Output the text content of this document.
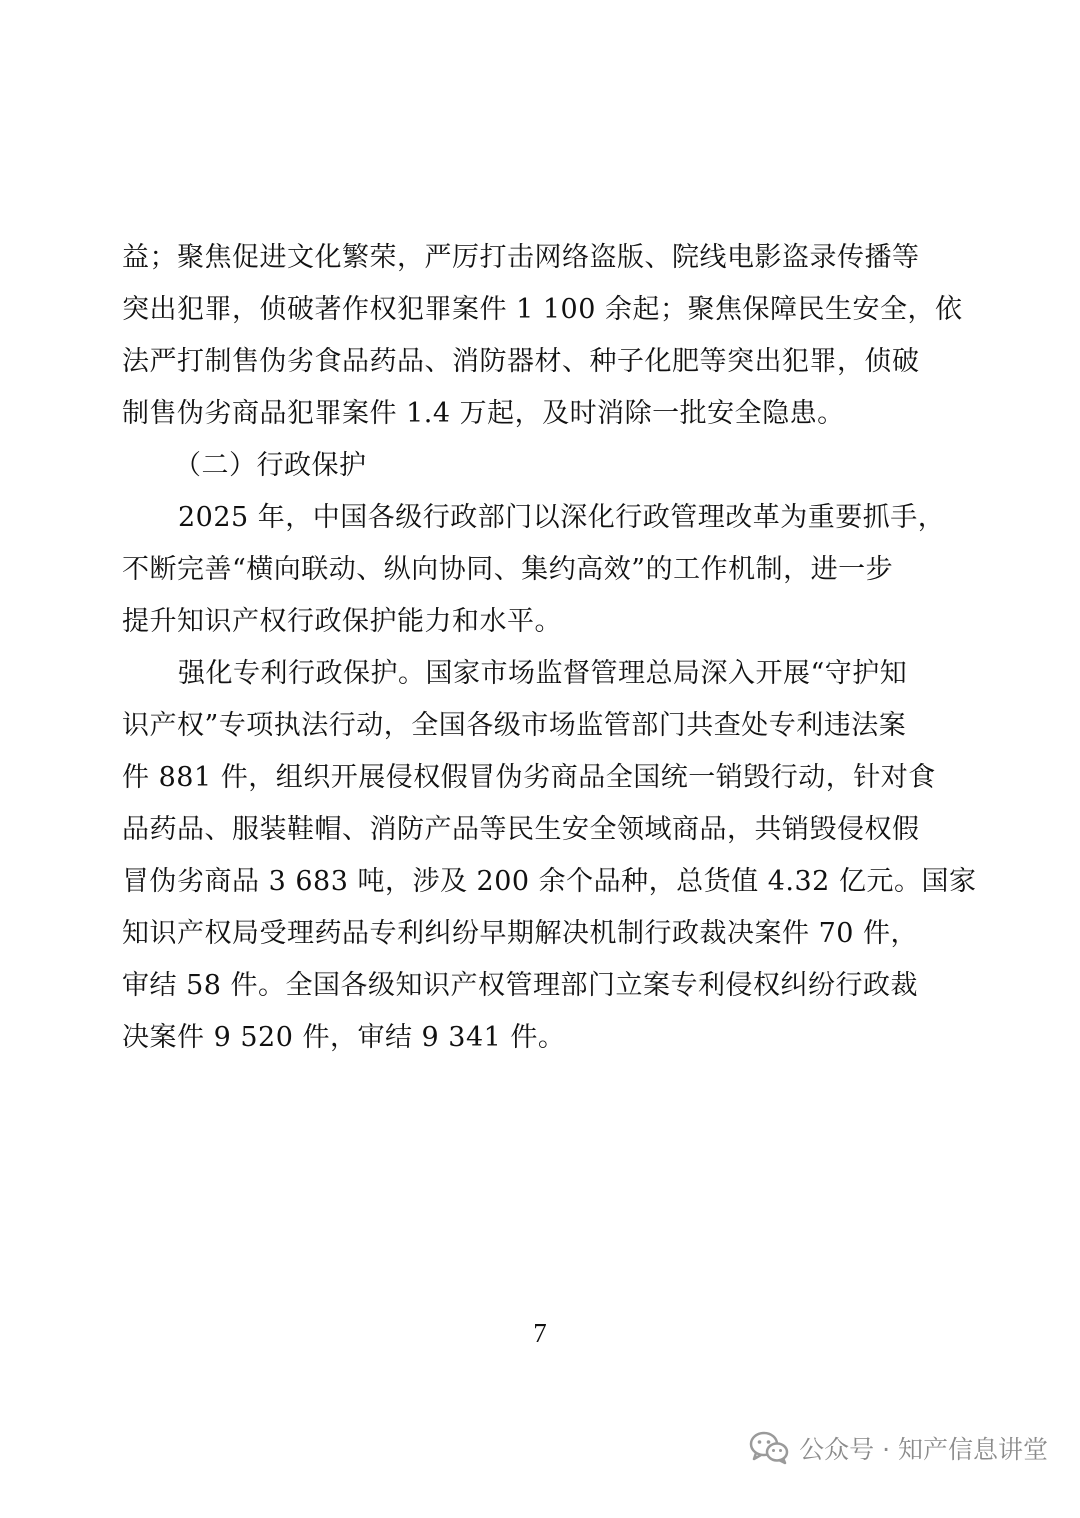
益；聚焦促进文化繁荣，严厉打击网络盗版、院线电影盗录传播等
突出犯罪，侦破著作权犯罪案件 1 100 余起；聚焦保障民生安全，依
法严打制售伪劣食品药品、消防器材、种子化肥等突出犯罪，侦破
制售伪劣商品犯罪案件 1.4 万起，及时消除一批安全隐患。
（二）行政保护
2025 年，中国各级行政部门以深化行政管理改革为重要抓手，
不断完善“横向联动、纵向协同、集约高效”的工作机制，进一步
提升知识产权行政保护能力和水平。
强化专利行政保护。国家市场监督管理总局深入开展“守护知
识产权”专项执法行动，全国各级市场监管部门共查处专利违法案
件 881 件，组织开展侵权假冒伪劣商品全国统一销毁行动，针对食
品药品、服装鞋帽、消防产品等民生安全领域商品，共销毁侵权假
冒伪劣商品 3 683 吨，涉及 200 余个品种，总货值 4.32 亿元。国家
知识产权局受理药品专利纠纷早期解决机制行政裁决案件 70 件，
审结 58 件。全国各级知识产权管理部门立案专利侵权纠纷行政裁
决案件 9 520 件，审结 9 341 件。
7
公众号 · 知产信息讲堂
